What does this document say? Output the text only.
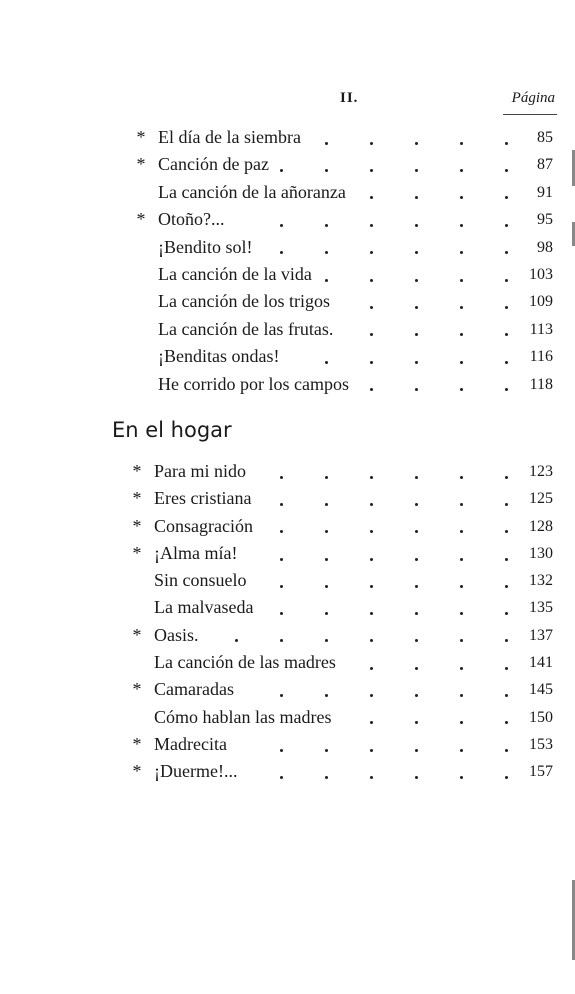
II.	Página
* El día de la siembra	85
* Canción de paz	87
La canción de la añoranza	91
* Otoño?...	95
¡Bendito sol!	98
La canción de la vida	103
La canción de los trigos	109
La canción de las frutas.	113
¡Benditas ondas!	116
He corrido por los campos	118
En el hogar
* Para mi nido	123
* Eres cristiana	125
* Consagración	128
* ¡Alma mía!	130
Sin consuelo	132
La malvaseda	135
* Oasis.	137
La canción de las madres	141
* Camaradas	145
Cómo hablan las madres	150
* Madrecita	153
* ¡Duerme!...	157
